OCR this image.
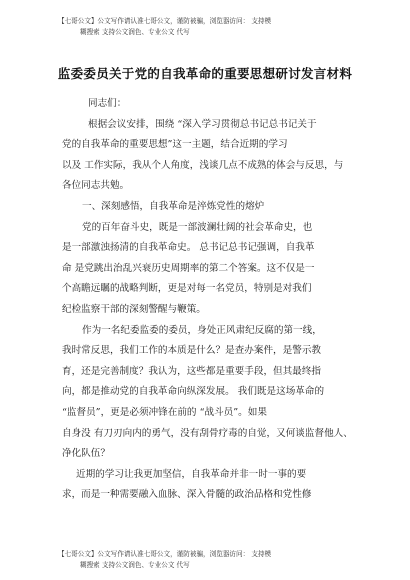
【七哥公文】公文写作请认准七哥公文，谨防被骗，浏览器访问： 支持模
糊搜索 支持公文润色、专业公文 代写
监委委员关于党的自我革命的重要思想研讨发言材料

同志们：

根据会议安排，围绕 “深入学习贯彻总书记总书记关于

党的自我革命的重要思想”这一主题，结合近期的学习

以及 工作实际，我从个人角度，浅谈几点不成熟的体会与反思，与

各位同志共勉。

一、深刻感悟，自我革命是淬炼党性的熔炉

党的百年奋斗史，既是一部波澜壮阔的社会革命史，也

是一部激浊扬清的自我革命史。 总书记总书记强调，自我革

命 是党跳出治乱兴衰历史周期率的第二个答案。这不仅是一

个高瞻远瞩的战略判断，更是对每一名党员，特别是对我们

纪检监察干部的深刻警醒与鞭策。

作为一名纪委监委的委员，身处正风肃纪反腐的第一线，

我时常反思，我们工作的本质是什么？是查办案件，是警示教

育，还是完善制度？我认为，这些都是重要手段，但其最终指

向，都是推动党的自我革命向纵深发展。 我们既是这场革命的

“监督员”，更是必须冲锋在前的 “战斗员”。如果

自身没 有刀刃向内的勇气，没有刮骨疗毒的自觉，又何谈监督他人、

净化队伍？

近期的学习让我更加坚信，自我革命并非一时一事的要

求，而是一种需要融入血脉、深入骨髓的政治品格和党性修

【七哥公文】公文写作请认准七哥公文，谨防被骗，浏览器访问： 支持模
糊搜索 支持公文润色、专业公文 代写
